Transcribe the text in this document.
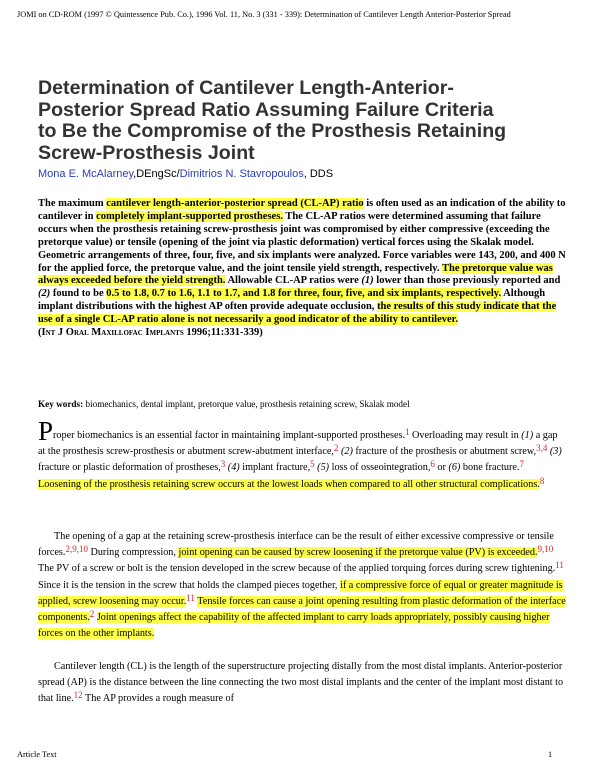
JOMI on CD-ROM (1997 © Quintessence Pub. Co.), 1996 Vol. 11, No. 3 (331 - 339): Determination of Cantilever Length Anterior-Posterior Spread
Determination of Cantilever Length-Anterior-Posterior Spread Ratio Assuming Failure Criteria to Be the Compromise of the Prosthesis Retaining Screw-Prosthesis Joint
Mona E. McAlarney,DEngSc/Dimitrios N. Stavropoulos, DDS

The maximum cantilever length-anterior-posterior spread (CL-AP) ratio is often used as an indication of the ability to cantilever in completely implant-supported prostheses. The CL-AP ratios were determined assuming that failure occurs when the prosthesis retaining screw-prosthesis joint was compromised by either compressive (exceeding the pretorque value) or tensile (opening of the joint via plastic deformation) vertical forces using the Skalak model. Geometric arrangements of three, four, five, and six implants were analyzed. Force variables were 143, 200, and 400 N for the applied force, the pretorque value, and the joint tensile yield strength, respectively. The pretorque value was always exceeded before the yield strength. Allowable CL-AP ratios were (1) lower than those previously reported and (2) found to be 0.5 to 1.8, 0.7 to 1.6, 1.1 to 1.7, and 1.8 for three, four, five, and six implants, respectively. Although implant distributions with the highest AP often provide adequate occlusion, the results of this study indicate that the use of a single CL-AP ratio alone is not necessarily a good indicator of the ability to cantilever.
(Int J Oral Maxillofac Implants 1996;11:331-339)

Key words: biomechanics, dental implant, pretorque value, prosthesis retaining screw, Skalak model

Proper biomechanics is an essential factor in maintaining implant-supported prostheses.$^1$ Overloading may result in (1) a gap at the prosthesis screw-prosthesis or abutment screw-abutment interface,$^2$ (2) fracture of the prosthesis or abutment screw,$^{3,4}$ (3) fracture or plastic deformation of prostheses,$^3$ (4) implant fracture,$^5$ (5) loss of osseointegration,$^6$ or (6) bone fracture.$^7$ Loosening of the prosthesis retaining screw occurs at the lowest loads when compared to all other structural complications.$^8$

The opening of a gap at the retaining screw-prosthesis interface can be the result of either excessive compressive or tensile forces.$^{2,9,10}$ During compression, joint opening can be caused by screw loosening if the pretorque value (PV) is exceeded.$^{9,10}$ The PV of a screw or bolt is the tension developed in the screw because of the applied torquing forces during screw tightening.$^{11}$ Since it is the tension in the screw that holds the clamped pieces together, if a compressive force of equal or greater magnitude is applied, screw loosening may occur.$^{11}$ Tensile forces can cause a joint opening resulting from plastic deformation of the interface components.$^2$ Joint openings affect the capability of the affected implant to carry loads appropriately, possibly causing higher forces on the other implants.

Cantilever length (CL) is the length of the superstructure projecting distally from the most distal implants. Anterior-posterior spread (AP) is the distance between the line connecting the two most distal implants and the center of the implant most distant to that line.$^{12}$ The AP provides a rough measure of

Article Text	1
